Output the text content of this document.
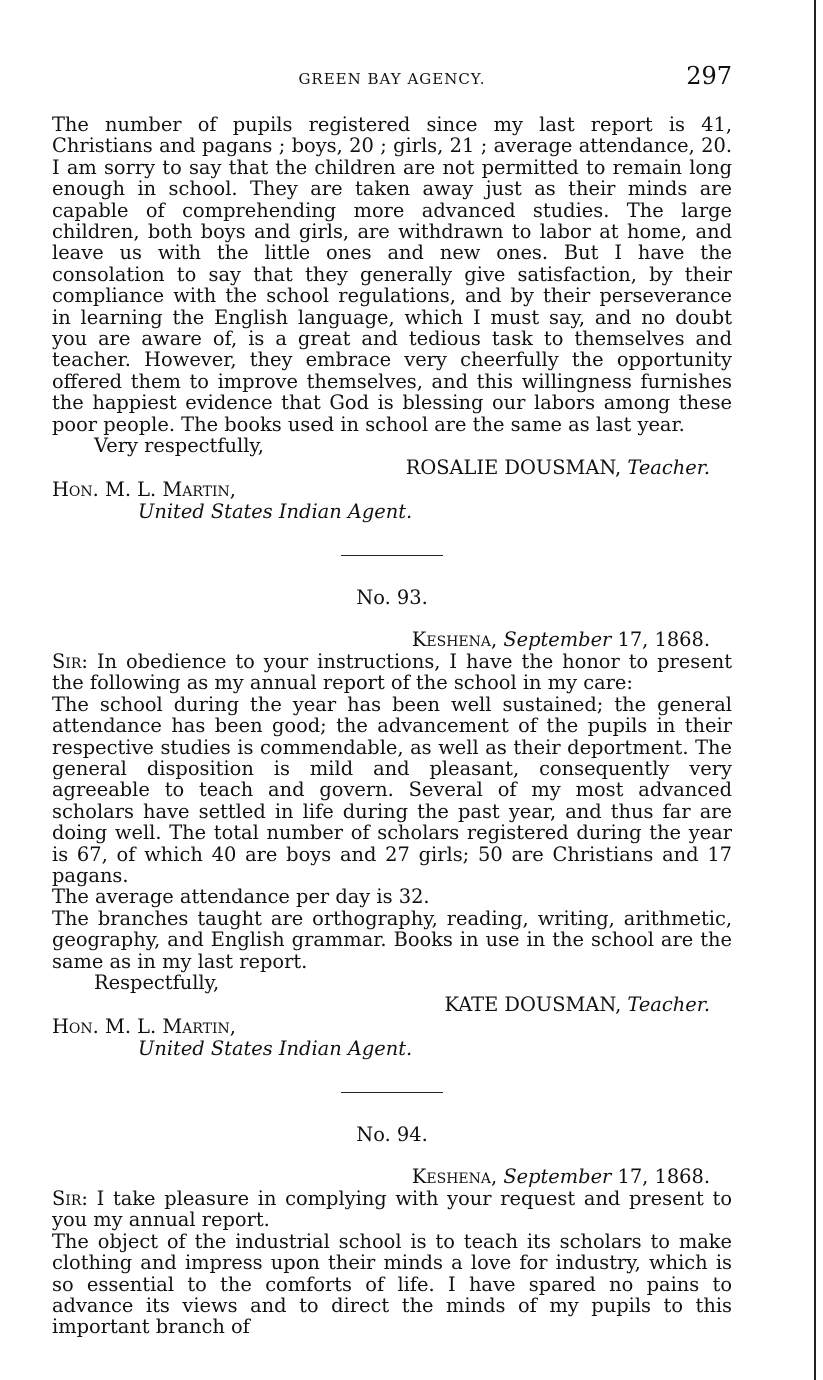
GREEN BAY AGENCY.	297

The number of pupils registered since my last report is 41, Christians and pagans ; boys, 20 ; girls, 21 ; average attendance, 20. I am sorry to say that the children are not permitted to remain long enough in school. They are taken away just as their minds are capable of comprehending more advanced studies. The large children, both boys and girls, are withdrawn to labor at home, and leave us with the little ones and new ones. But I have the consolation to say that they generally give satisfaction, by their compliance with the school regulations, and by their perseverance in learning the English language, which I must say, and no doubt you are aware of, is a great and tedious task to themselves and teacher. However, they embrace very cheerfully the opportunity offered them to improve themselves, and this willingness furnishes the happiest evidence that God is blessing our labors among these poor people. The books used in school are the same as last year.

Very respectfully,
ROSALIE DOUSMAN, Teacher.
Hon. M. L. Martin,
United States Indian Agent.
No. 93.
Keshena, September 17, 1868.

Sir: In obedience to your instructions, I have the honor to present the following as my annual report of the school in my care:

The school during the year has been well sustained; the general attendance has been good; the advancement of the pupils in their respective studies is commendable, as well as their deportment. The general disposition is mild and pleasant, consequently very agreeable to teach and govern. Several of my most advanced scholars have settled in life during the past year, and thus far are doing well. The total number of scholars registered during the year is 67, of which 40 are boys and 27 girls; 50 are Christians and 17 pagans.

The average attendance per day is 32.

The branches taught are orthography, reading, writing, arithmetic, geography, and English grammar. Books in use in the school are the same as in my last report.

Respectfully,
KATE DOUSMAN, Teacher.
Hon. M. L. Martin,
United States Indian Agent.
No. 94.
Keshena, September 17, 1868.

Sir: I take pleasure in complying with your request and present to you my annual report.

The object of the industrial school is to teach its scholars to make clothing and impress upon their minds a love for industry, which is so essential to the comforts of life. I have spared no pains to advance its views and to direct the minds of my pupils to this important branch of
